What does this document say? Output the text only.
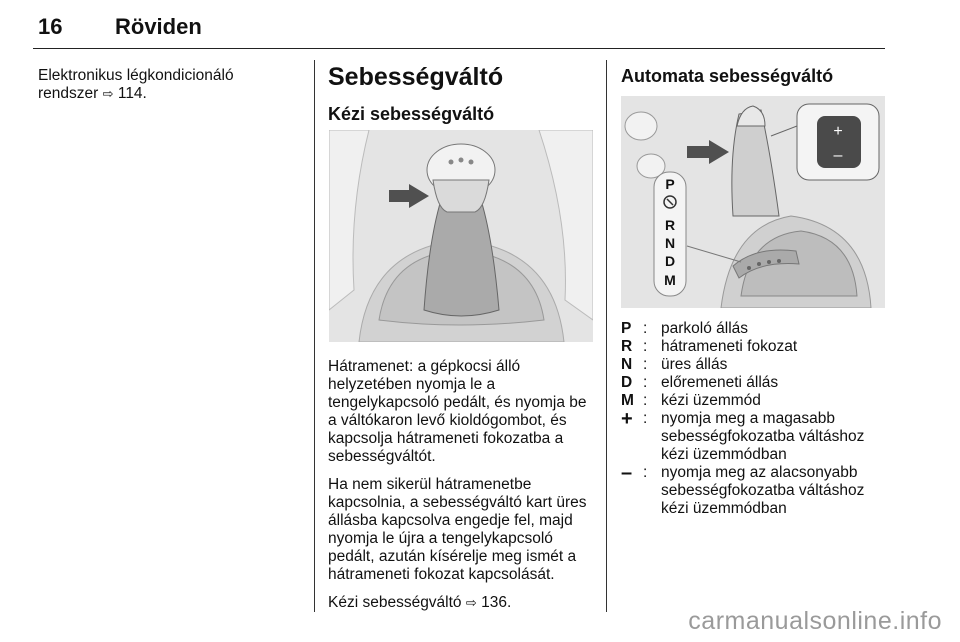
16 Röviden
Elektronikus légkondicionáló rendszer ⇨ 114.
Sebességváltó
Kézi sebességváltó

Hátramenet: a gépkocsi álló helyzetében nyomja le a tengelykapcsoló pedált, és nyomja be a váltókaron levő kioldógombot, és kapcsolja hátrameneti fokozatba a sebességváltót.

Ha nem sikerül hátramenetbe kapcsolnia, a sebességváltó kart üres állásba kapcsolva engedje fel, majd nyomja le újra a tengelykapcsoló pedált, azután kísérelje meg ismét a hátrameneti fokozat kapcsolását.

Kézi sebességváltó ⇨ 136.

Automata sebességváltó
+
–
P
R
N
D
M
P : parkoló állás
R : hátrameneti fokozat
N : üres állás
D : előremeneti állás
M : kézi üzemmód
+ : nyomja meg a magasabb sebességfokozatba váltáshoz kézi üzemmódban
– : nyomja meg az alacsonyabb sebességfokozatba váltáshoz kézi üzemmódban
carmanualsonline.info
